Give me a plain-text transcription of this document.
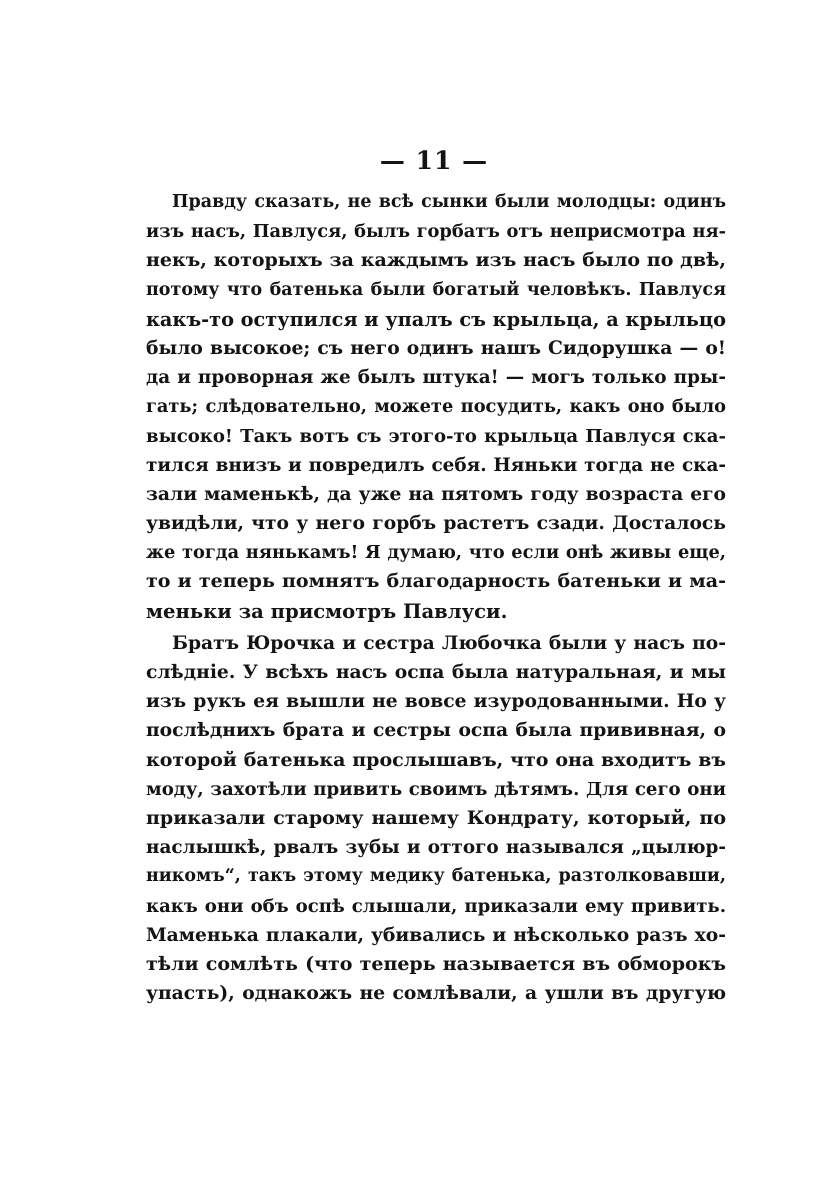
— 11 —
Правду сказать, не всѣ сынки были молодцы: одинъ
изъ насъ, Павлуся, былъ горбатъ отъ неприсмотра ня-
некъ, которыхъ за каждымъ изъ насъ было по двѣ,
потому что батенька были богатый человѣкъ. Павлуся
какъ-то оступился и упалъ съ крыльца, а крыльцо
было высокое; съ него одинъ нашъ Сидорушка — о!
да и проворная же былъ штука! — могъ только пры-
гать; слѣдовательно, можете посудить, какъ оно было
высоко! Такъ вотъ съ этого-то крыльца Павлуся ска-
тился внизъ и повредилъ себя. Няньки тогда не ска-
зали маменькѣ, да уже на пятомъ году возраста его
увидѣли, что у него горбъ растетъ сзади. Досталось
же тогда нянькамъ! Я думаю, что если онѣ живы еще,
то и теперь помнятъ благодарность батеньки и ма-
меньки за присмотръ Павлуси.
Братъ Юрочка и сестра Любочка были у насъ по-
слѣдніе. У всѣхъ насъ оспа была натуральная, и мы
изъ рукъ ея вышли не вовсе изуродованными. Но у
послѣднихъ брата и сестры оспа была прививная, о
которой батенька прослышавъ, что она входитъ въ
моду, захотѣли привить своимъ дѣтямъ. Для сего они
приказали старому нашему Кондрату, который, по
наслышкѣ, рвалъ зубы и оттого назывался „цылюр-
никомъ“, такъ этому медику батенька, разтолковавши,
какъ они объ оспѣ слышали, приказали ему привить.
Маменька плакали, убивались и нѣсколько разъ хо-
тѣли сомлѣть (что теперь называется въ обморокъ
упасть), однакожъ не сомлѣвали, а ушли въ другую
